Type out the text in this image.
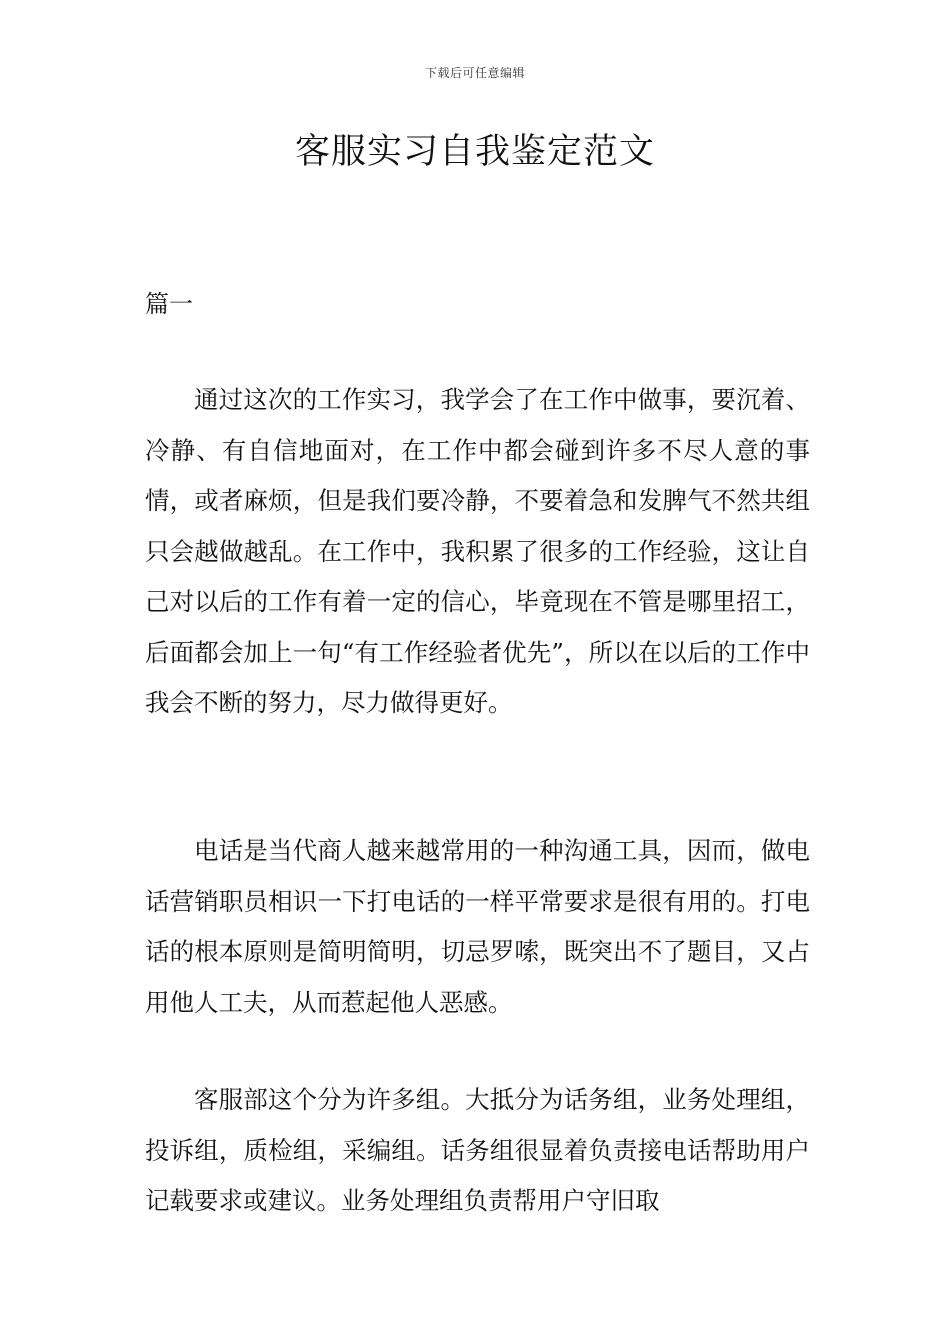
下载后可任意编辑
客服实习自我鉴定范文

篇一

通过这次的工作实习，我学会了在工作中做事，要沉着、冷静、有自信地面对，在工作中都会碰到许多不尽人意的事情，或者麻烦，但是我们要冷静，不要着急和发脾气不然共组只会越做越乱。在工作中，我积累了很多的工作经验，这让自己对以后的工作有着一定的信心，毕竟现在不管是哪里招工，后面都会加上一句“有工作经验者优先”，所以在以后的工作中我会不断的努力，尽力做得更好。

电话是当代商人越来越常用的一种沟通工具，因而，做电话营销职员相识一下打电话的一样平常要求是很有用的。打电话的根本原则是简明简明，切忌罗嗦，既突出不了题目，又占用他人工夫，从而惹起他人恶感。

客服部这个分为许多组。大抵分为话务组，业务处理组，投诉组，质检组，采编组。话务组很显着负责接电话帮助用户记载要求或建议。业务处理组负责帮用户守旧取
